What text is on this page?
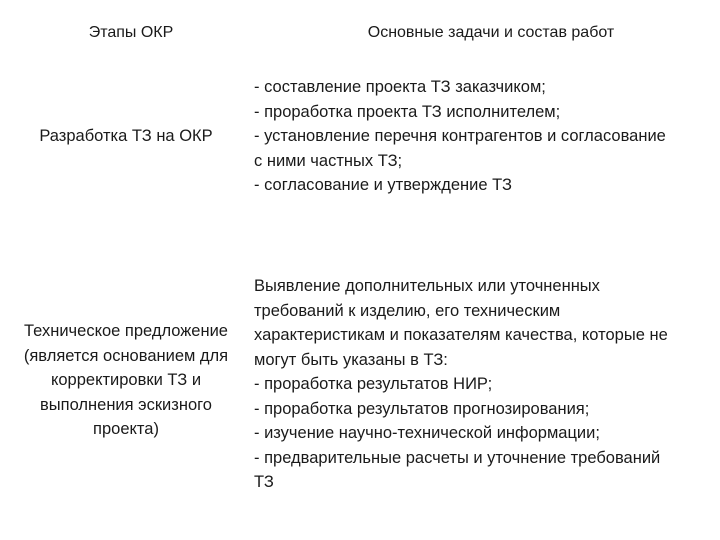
Этапы ОКР	Основные задачи и состав работ
Разработка ТЗ на ОКР
- составление проекта ТЗ заказчиком;
- проработка проекта ТЗ исполнителем;
- установление перечня контрагентов и согласование
с ними частных ТЗ;
- согласование и утверждение ТЗ
Техническое предложение
(является основанием для
корректировки ТЗ и
выполнения эскизного
проекта)
Выявление дополнительных или уточненных
требований к изделию, его техническим
характеристикам и показателям качества, которые не
могут быть указаны в ТЗ:
- проработка результатов НИР;
- проработка результатов прогнозирования;
- изучение научно-технической информации;
- предварительные расчеты и уточнение требований
ТЗ
